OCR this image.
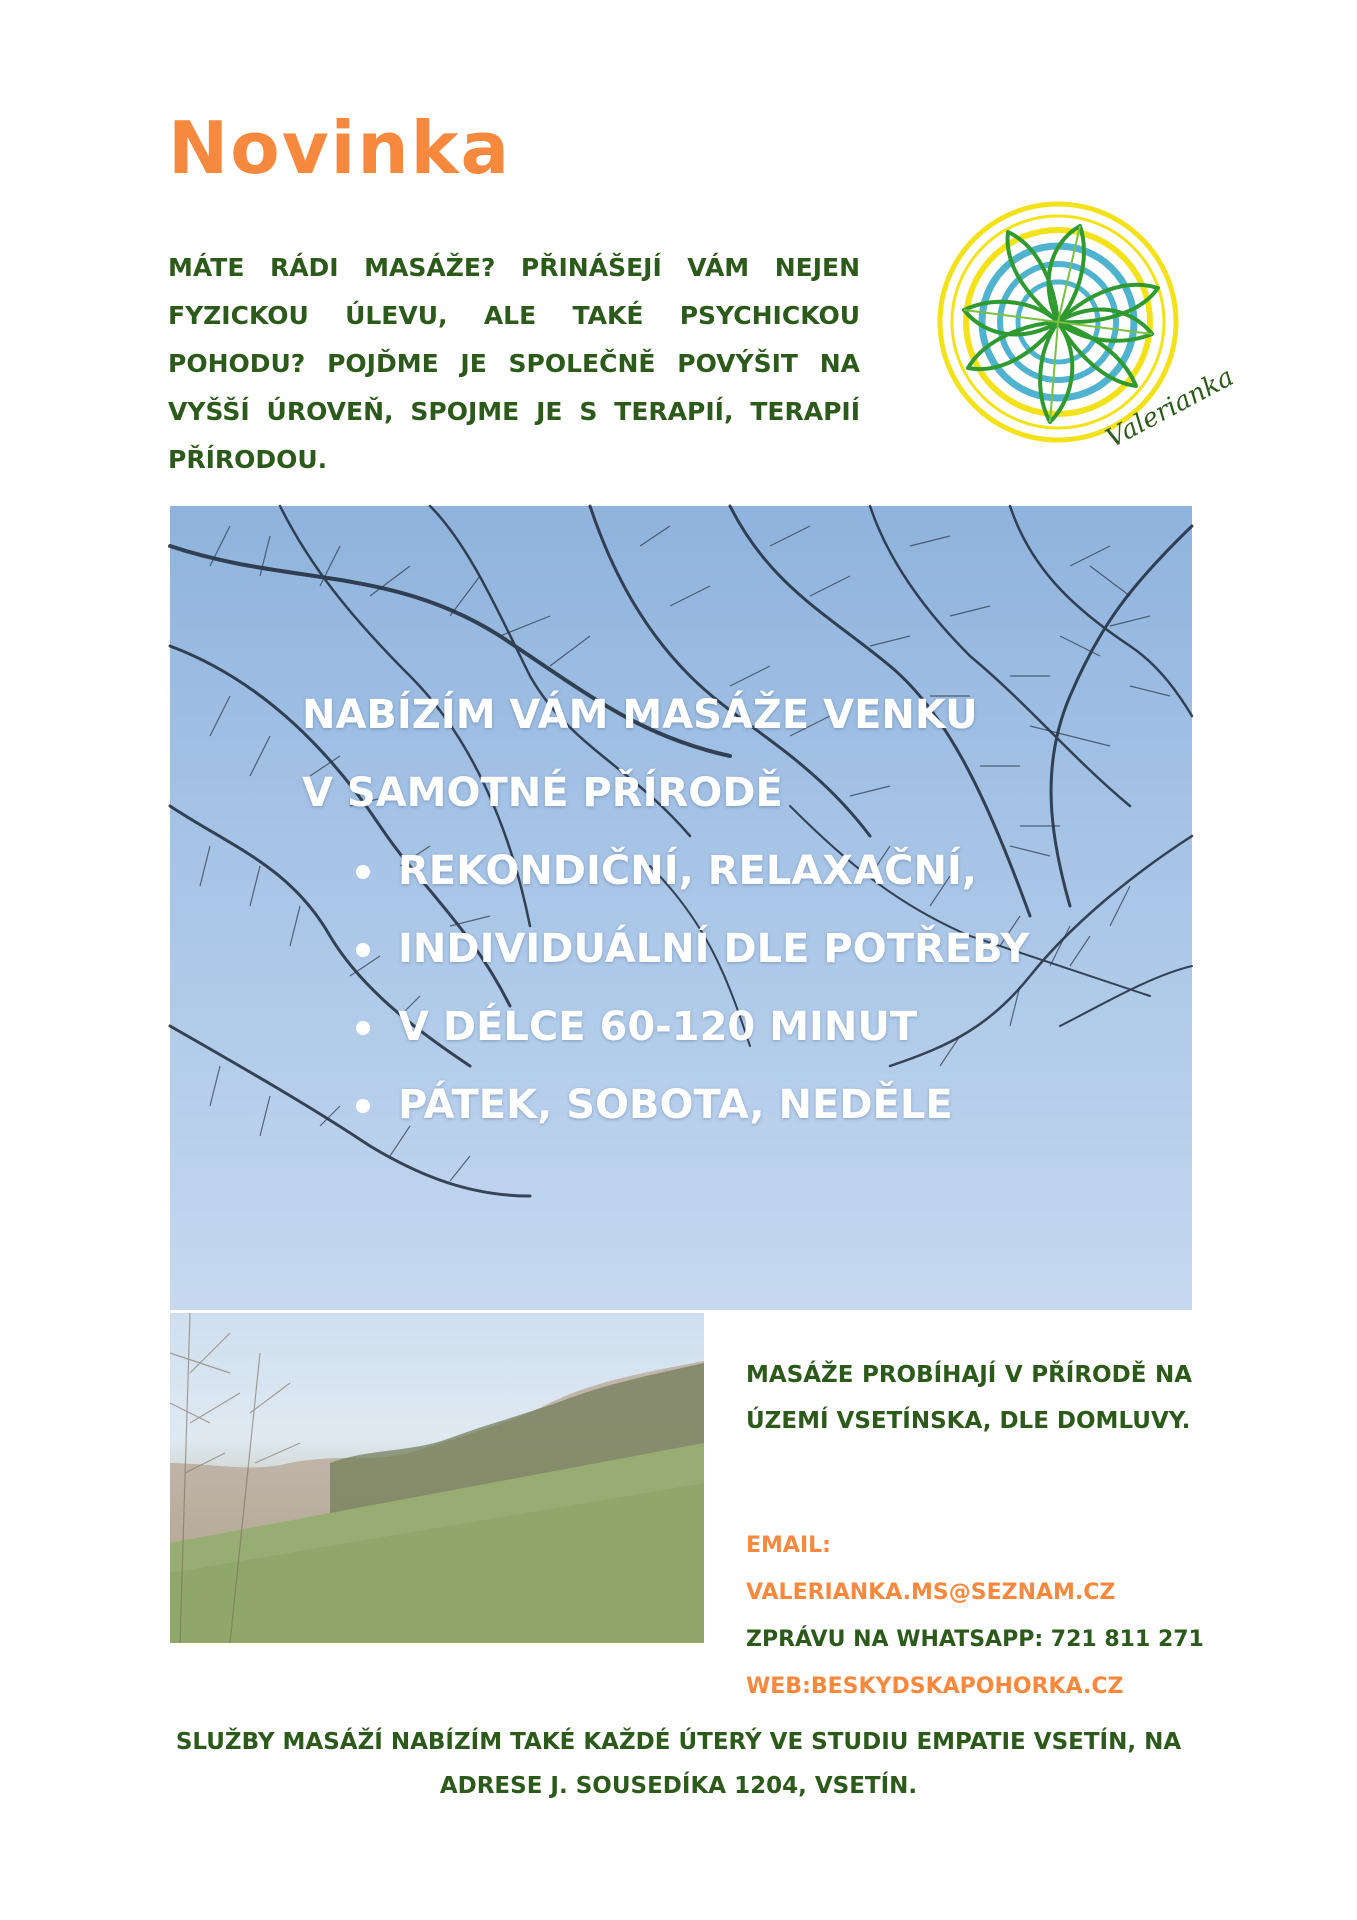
Novinka
MÁTE RÁDI MASÁŽE? PŘINÁŠEJÍ VÁM NEJEN FYZICKOU ÚLEVU, ALE TAKÉ PSYCHICKOU POHODU? POJĎME JE SPOLEČNĚ POVÝŠIT NA VYŠŠÍ ÚROVEŇ, SPOJME JE S TERAPIÍ, TERAPIÍ PŘÍRODOU.
Valerianka
NABÍZÍM VÁM MASÁŽE VENKU
V SAMOTNÉ PŘÍRODĚ
REKONDIČNÍ, RELAXAČNÍ,
INDIVIDUÁLNÍ DLE POTŘEBY
V DÉLCE 60-120 MINUT
PÁTEK, SOBOTA, NEDĚLE
MASÁŽE PROBÍHAJÍ V PŘÍRODĚ NA ÚZEMÍ VSETÍNSKA, DLE DOMLUVY.
EMAIL: VALERIANKA.MS@SEZNAM.CZ
ZPRÁVU NA WHATSAPP: 721 811 271
WEB:BESKYDSKAPOHORKA.CZ
SLUŽBY MASÁŽÍ NABÍZÍM TAKÉ KAŽDÉ ÚTERÝ VE STUDIU EMPATIE VSETÍN, NA ADRESE J. SOUSEDÍKA 1204, VSETÍN.
